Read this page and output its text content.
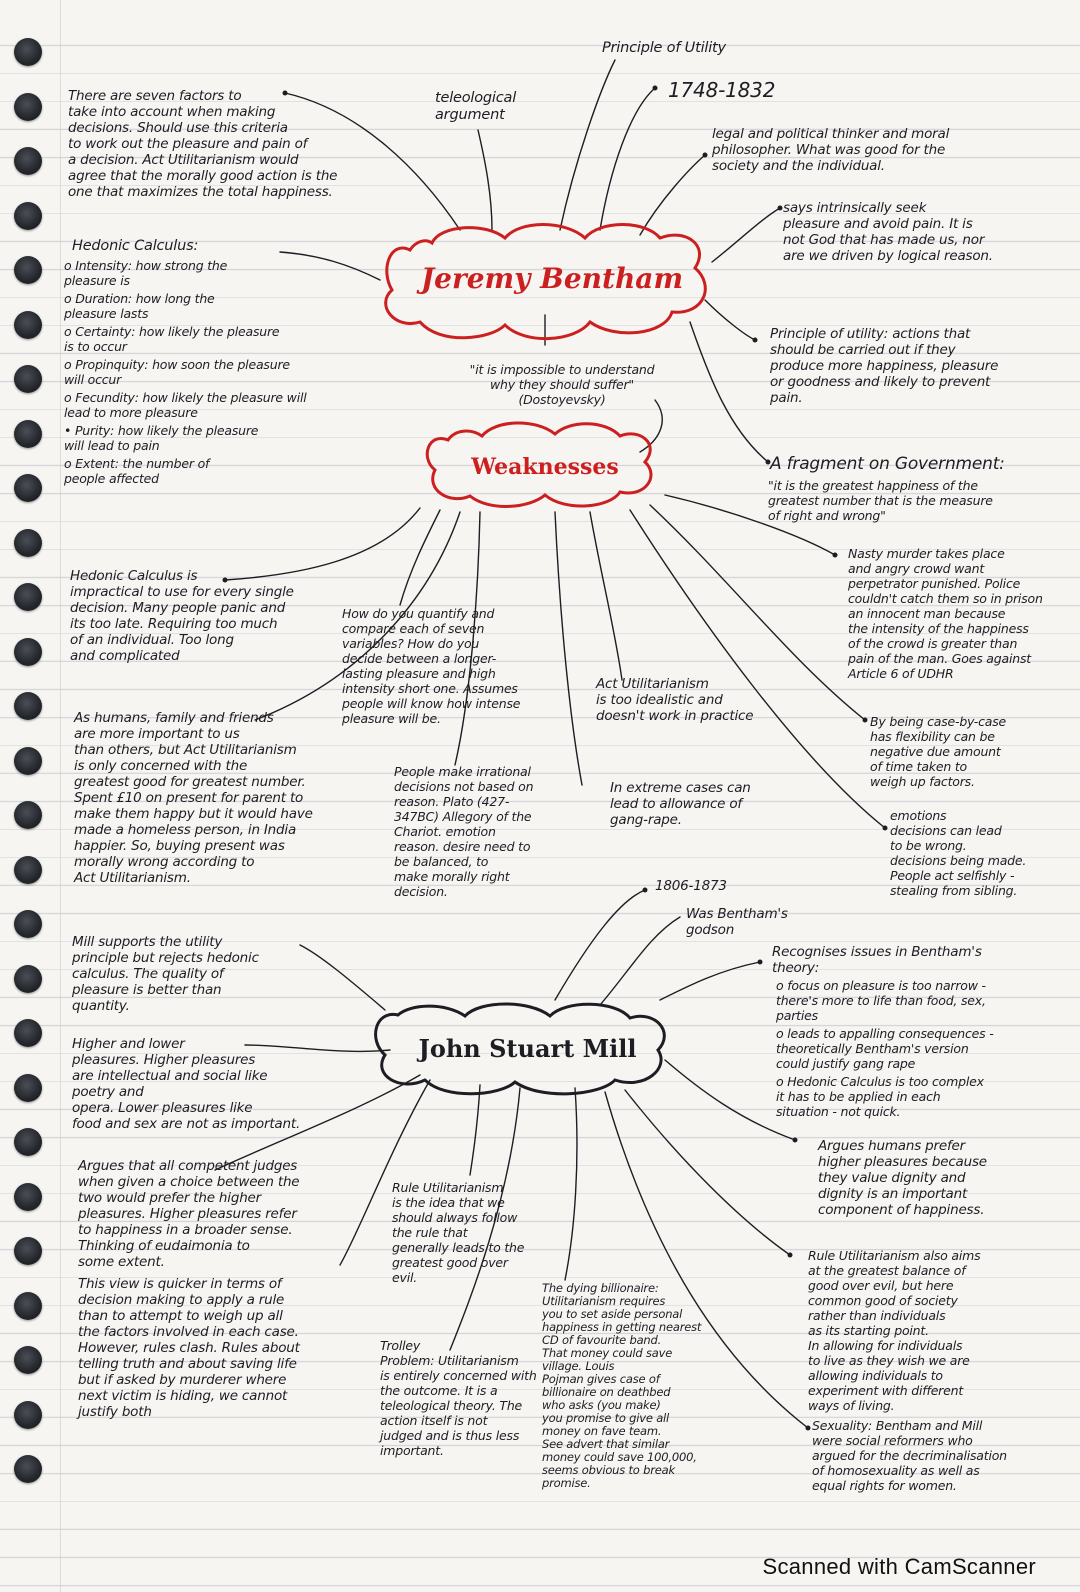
Jeremy Bentham
Weaknesses
John Stuart Mill
Principle of Utility
1748-1832
teleological
argument
There are seven factors to
take into account when making
decisions. Should use this criteria
to work out the pleasure and pain of
a decision. Act Utilitarianism would
agree that the morally good action is the
one that maximizes the total happiness.
legal and political thinker and moral
philosopher. What was good for the
society and the individual.
says intrinsically seek
pleasure and avoid pain. It is
not God that has made us, nor
are we driven by logical reason.
Principle of utility: actions that
should be carried out if they
produce more happiness, pleasure
or goodness and likely to prevent
pain.
A fragment on Government:
"it is the greatest happiness of the
greatest number that is the measure
of right and wrong"
"it is impossible to understand
why they should suffer"
(Dostoyevsky)
Hedonic Calculus:
o Intensity: how strong the
pleasure is
o Duration: how long the
pleasure lasts
o Certainty: how likely the pleasure
is to occur
o Propinquity: how soon the pleasure
will occur
o Fecundity: how likely the pleasure will
lead to more pleasure
• Purity: how likely the pleasure
will lead to pain
o Extent: the number of
people affected
Hedonic Calculus is
impractical to use for every single
decision. Many people panic and
its too late. Requiring too much
of an individual. Too long
and complicated
How do you quantify and
compare each of seven
variables? How do you
decide between a longer-
lasting pleasure and high
intensity short one. Assumes
people will know how intense
pleasure will be.
Act Utilitarianism
is too idealistic and
doesn't work in practice
Nasty murder takes place
and angry crowd want
perpetrator punished. Police
couldn't catch them so in prison
an innocent man because
the intensity of the happiness
of the crowd is greater than
pain of the man. Goes against
Article 6 of UDHR
By being case-by-case
has flexibility can be
negative due amount
of time taken to
weigh up factors.
emotions
decisions can lead
to be wrong.
decisions being made.
People act selfishly -
stealing from sibling.
As humans, family and friends
are more important to us
than others, but Act Utilitarianism
is only concerned with the
greatest good for greatest number.
Spent £10 on present for parent to
make them happy but it would have
made a homeless person, in India
happier. So, buying present was
morally wrong according to
Act Utilitarianism.
People make irrational
decisions not based on
reason. Plato (427-
347BC) Allegory of the
Chariot. emotion
reason. desire need to
be balanced, to
make morally right
decision.
In extreme cases can
lead to allowance of
gang-rape.
1806-1873
Was Bentham's
godson
Mill supports the utility
principle but rejects hedonic
calculus. The quality of
pleasure is better than
quantity.
Higher and lower
pleasures. Higher pleasures
are intellectual and social like
poetry and
opera. Lower pleasures like
food and sex are not as important.
Recognises issues in Bentham's
theory:
o focus on pleasure is too narrow -
there's more to life than food, sex,
parties
o leads to appalling consequences -
theoretically Bentham's version
could justify gang rape
o Hedonic Calculus is too complex
it has to be applied in each
situation - not quick.
Argues that all competent judges
when given a choice between the
two would prefer the higher
pleasures. Higher pleasures refer
to happiness in a broader sense.
Thinking of eudaimonia to
some extent.
Rule Utilitarianism
is the idea that we
should always follow
the rule that
generally leads to the
greatest good over
evil.
This view is quicker in terms of
decision making to apply a rule
than to attempt to weigh up all
the factors involved in each case.
However, rules clash. Rules about
telling truth and about saving life
but if asked by murderer where
next victim is hiding, we cannot
justify both
Trolley
Problem: Utilitarianism
is entirely concerned with
the outcome. It is a
teleological theory. The
action itself is not
judged and is thus less
important.
The dying billionaire:
Utilitarianism requires
you to set aside personal
happiness in getting nearest
CD of favourite band.
That money could save
village. Louis
Pojman gives case of
billionaire on deathbed
who asks (you make)
you promise to give all
money on fave team.
See advert that similar
money could save 100,000,
seems obvious to break
promise.
Argues humans prefer
higher pleasures because
they value dignity and
dignity is an important
component of happiness.
Rule Utilitarianism also aims
at the greatest balance of
good over evil, but here
common good of society
rather than individuals
as its starting point.
In allowing for individuals
to live as they wish we are
allowing individuals to
experiment with different
ways of living.
Sexuality: Bentham and Mill
were social reformers who
argued for the decriminalisation
of homosexuality as well as
equal rights for women.
Scanned with CamScanner
